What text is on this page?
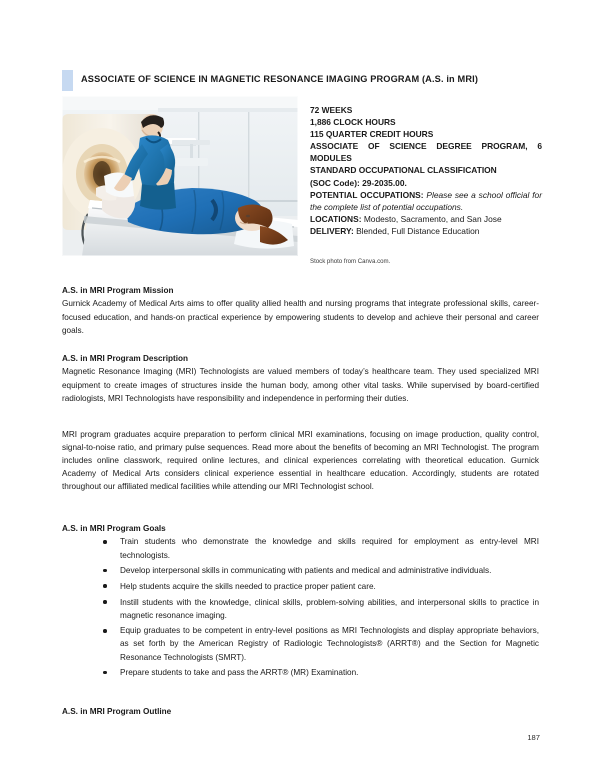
ASSOCIATE OF SCIENCE IN MAGNETIC RESONANCE IMAGING PROGRAM (A.S. in MRI)
72 WEEKS
1,886 CLOCK HOURS
115 QUARTER CREDIT HOURS
ASSOCIATE OF SCIENCE DEGREE PROGRAM, 6 MODULES
STANDARD OCCUPATIONAL CLASSIFICATION
(SOC Code): 29-2035.00.
POTENTIAL OCCUPATIONS: Please see a school official for the complete list of potential occupations.
LOCATIONS: Modesto, Sacramento, and San Jose
DELIVERY: Blended, Full Distance Education
Stock photo from Canva.com.
A.S. in MRI Program Mission

Gurnick Academy of Medical Arts aims to offer quality allied health and nursing programs that integrate professional skills, career-focused education, and hands-on practical experience by empowering students to develop and achieve their personal and career goals.

A.S. in MRI Program Description

Magnetic Resonance Imaging (MRI) Technologists are valued members of today’s healthcare team. They used specialized MRI equipment to create images of structures inside the human body, among other vital tasks. While supervised by board-certified radiologists, MRI Technologists have responsibility and independence in performing their duties.

MRI program graduates acquire preparation to perform clinical MRI examinations, focusing on image production, quality control, signal-to-noise ratio, and primary pulse sequences. Read more about the benefits of becoming an MRI Technologist. The program includes online classwork, required online lectures, and clinical experiences correlating with theoretical education. Gurnick Academy of Medical Arts considers clinical experience essential in healthcare education. Accordingly, students are rotated throughout our affiliated medical facilities while attending our MRI Technologist school.

A.S. in MRI Program Goals
Train students who demonstrate the knowledge and skills required for employment as entry-level MRI technologists.
Develop interpersonal skills in communicating with patients and medical and administrative individuals.
Help students acquire the skills needed to practice proper patient care.
Instill students with the knowledge, clinical skills, problem-solving abilities, and interpersonal skills to practice in magnetic resonance imaging.
Equip graduates to be competent in entry-level positions as MRI Technologists and display appropriate behaviors, as set forth by the American Registry of Radiologic Technologists® (ARRT®) and the Section for Magnetic Resonance Technologists (SMRT).
Prepare students to take and pass the ARRT® (MR) Examination.
A.S. in MRI Program Outline
187
